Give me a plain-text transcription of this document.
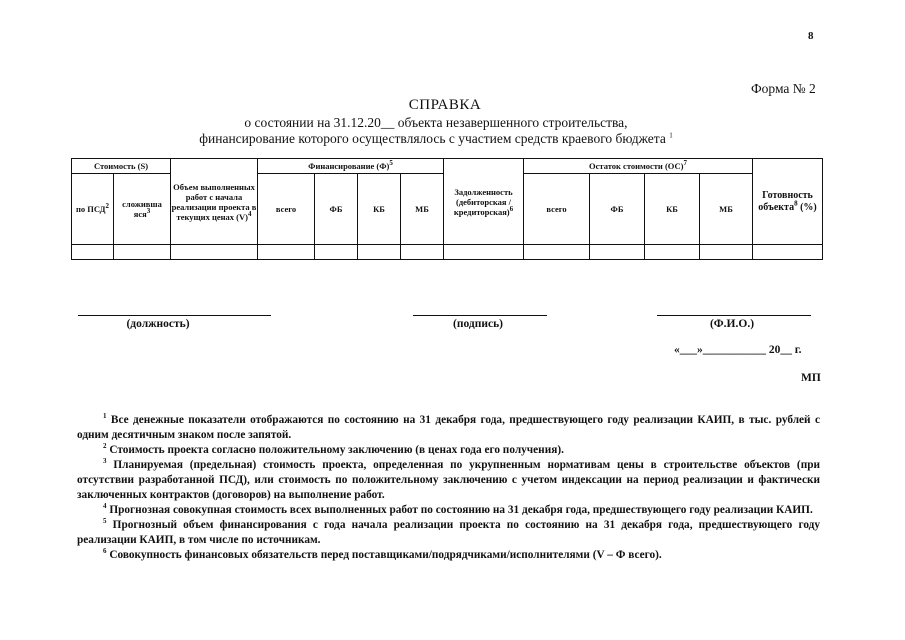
8
Форма № 2
СПРАВКА
о состоянии на 31.12.20__ объекта незавершенного строительства,
финансирование которого осуществлялось с участием средств краевого бюджета $^1$
Стоимость (S)		Объем выполненных работ с начала реализации проекта в текущих ценах $(V)^4$	Финансирование $(Ф)^5$				Задолженность (дебиторская / кредиторская)$^6$	Остаток стоимости (ОС)$^7$				Готовность объекта$^8$ (%)
по ПСД$^2$	сложивша яся$^3$		всего	ФБ	КБ	МБ		всего	ФБ	КБ	МБ	

(должность)	(подпись)	(Ф.И.О.)
«___»___________ 20__ г.
МП

$^1$ Все денежные показатели отображаются по состоянию на 31 декабря года, предшествующего году реализации КАИП, в тыс. рублей с одним десятичным знаком после запятой.

$^2$ Стоимость проекта согласно положительному заключению (в ценах года его получения).

$^3$ Планируемая (предельная) стоимость проекта, определенная по укрупненным нормативам цены в строительстве объектов (при отсутствии разработанной ПСД), или стоимость по положительному заключению с учетом индексации на период реализации и фактически заключенных контрактов (договоров) на выполнение работ.

$^4$ Прогнозная совокупная стоимость всех выполненных работ по состоянию на 31 декабря года, предшествующего году реализации КАИП.

$^5$ Прогнозный объем финансирования с года начала реализации проекта по состоянию на 31 декабря года, предшествующего году реализации КАИП, в том числе по источникам.

$^6$ Совокупность финансовых обязательств перед поставщиками/подрядчиками/исполнителями (V – Ф всего).
